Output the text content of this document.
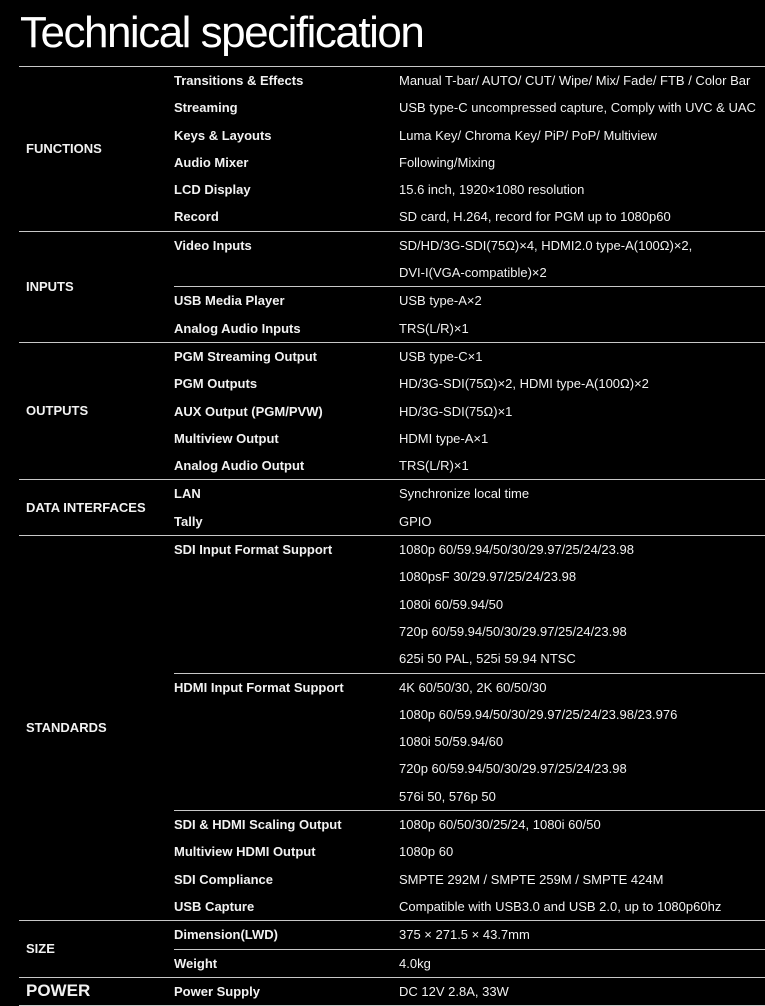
Technical specification
FUNCTIONS	Transitions & Effects	Manual T-bar/ AUTO/ CUT/ Wipe/ Mix/ Fade/ FTB / Color Bar
	Streaming	USB type-C uncompressed capture, Comply with UVC & UAC
	Keys & Layouts	Luma Key/ Chroma Key/ PiP/ PoP/ Multiview
	Audio Mixer	Following/Mixing
	LCD Display	15.6 inch, 1920×1080 resolution
	Record	SD card, H.264, record for PGM up to 1080p60
INPUTS	Video Inputs	SD/HD/3G-SDI(75Ω)×4, HDMI2.0 type-A(100Ω)×2,
		DVI-I(VGA-compatible)×2
	USB Media Player	USB type-A×2
	Analog Audio Inputs	TRS(L/R)×1
OUTPUTS	PGM Streaming Output	USB type-C×1
	PGM Outputs	HD/3G-SDI(75Ω)×2, HDMI type-A(100Ω)×2
	AUX Output (PGM/PVW)	HD/3G-SDI(75Ω)×1
	Multiview Output	HDMI type-A×1
	Analog Audio Output	TRS(L/R)×1
DATA INTERFACES	LAN	Synchronize local time
	Tally	GPIO
STANDARDS	SDI Input Format Support	1080p 60/59.94/50/30/29.97/25/24/23.98
		1080psF 30/29.97/25/24/23.98
		1080i 60/59.94/50
		720p 60/59.94/50/30/29.97/25/24/23.98
		625i 50 PAL, 525i 59.94 NTSC
	HDMI Input Format Support	4K 60/50/30, 2K 60/50/30
		1080p 60/59.94/50/30/29.97/25/24/23.98/23.976
		1080i 50/59.94/60
		720p 60/59.94/50/30/29.97/25/24/23.98
		576i 50, 576p 50
	SDI & HDMI Scaling Output	1080p 60/50/30/25/24, 1080i 60/50
	Multiview HDMI Output	1080p 60
	SDI Compliance	SMPTE 292M / SMPTE 259M / SMPTE 424M
	USB Capture	Compatible with USB3.0 and USB 2.0, up to 1080p60hz
SIZE	Dimension(LWD)	375 × 271.5 × 43.7mm
	Weight	4.0kg
POWER	Power Supply	DC 12V 2.8A, 33W
